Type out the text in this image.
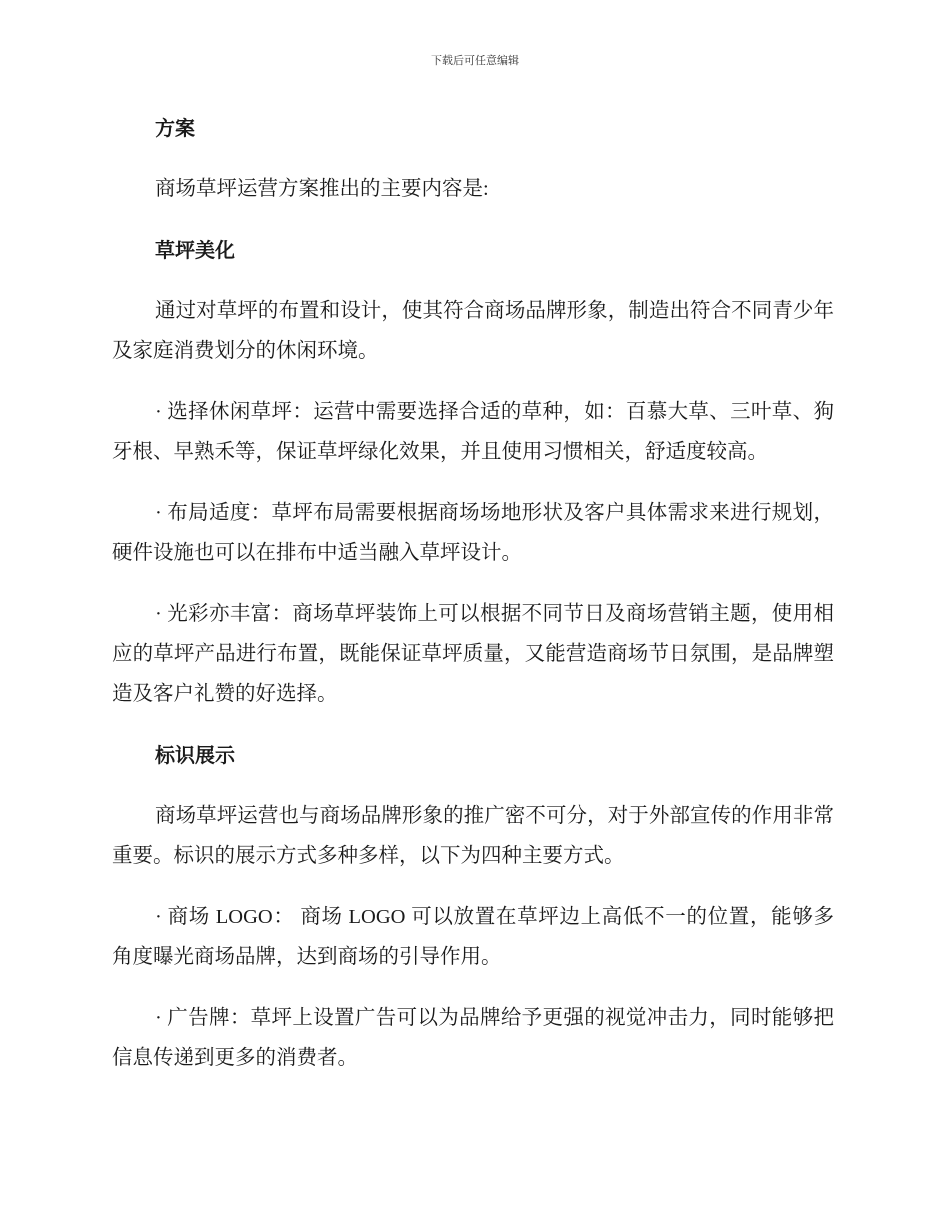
下载后可任意编辑
方案

商场草坪运营方案推出的主要内容是:

草坪美化

通过对草坪的布置和设计，使其符合商场品牌形象，制造出符合不同青少年及家庭消费划分的休闲环境。

· 选择休闲草坪：运营中需要选择合适的草种，如：百慕大草、三叶草、狗牙根、早熟禾等，保证草坪绿化效果，并且使用习惯相关，舒适度较高。

· 布局适度：草坪布局需要根据商场场地形状及客户具体需求来进行规划，硬件设施也可以在排布中适当融入草坪设计。

· 光彩亦丰富：商场草坪装饰上可以根据不同节日及商场营销主题，使用相应的草坪产品进行布置，既能保证草坪质量，又能营造商场节日氛围，是品牌塑造及客户礼赞的好选择。

标识展示

商场草坪运营也与商场品牌形象的推广密不可分，对于外部宣传的作用非常重要。标识的展示方式多种多样，以下为四种主要方式。

· 商场 LOGO： 商场 LOGO 可以放置在草坪边上高低不一的位置，能够多角度曝光商场品牌，达到商场的引导作用。

· 广告牌：草坪上设置广告可以为品牌给予更强的视觉冲击力，同时能够把信息传递到更多的消费者。
